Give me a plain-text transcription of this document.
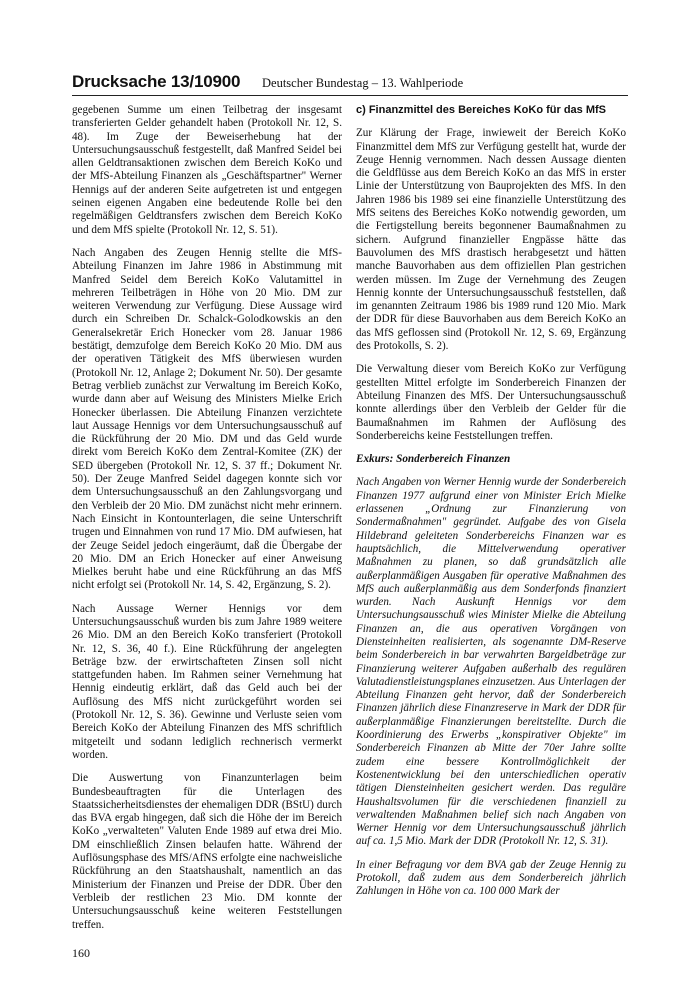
Drucksache 13/10900 Deutscher Bundestag – 13. Wahlperiode

gegebenen Summe um einen Teilbetrag der insgesamt transferierten Gelder gehandelt haben (Protokoll Nr. 12, S. 48). Im Zuge der Beweiserhebung hat der Untersuchungsausschuß festgestellt, daß Manfred Seidel bei allen Geldtransaktionen zwischen dem Bereich KoKo und der MfS-Abteilung Finanzen als „Geschäftspartner" Werner Hennigs auf der anderen Seite aufgetreten ist und entgegen seinen eigenen Angaben eine bedeutende Rolle bei den regelmäßigen Geldtransfers zwischen dem Bereich KoKo und dem MfS spielte (Protokoll Nr. 12, S. 51).

Nach Angaben des Zeugen Hennig stellte die MfS-Abteilung Finanzen im Jahre 1986 in Abstimmung mit Manfred Seidel dem Bereich KoKo Valutamittel in mehreren Teilbeträgen in Höhe von 20 Mio. DM zur weiteren Verwendung zur Verfügung. Diese Aussage wird durch ein Schreiben Dr. Schalck-Golodkowskis an den Generalsekretär Erich Honecker vom 28. Januar 1986 bestätigt, demzufolge dem Bereich KoKo 20 Mio. DM aus der operativen Tätigkeit des MfS überwiesen wurden (Protokoll Nr. 12, Anlage 2; Dokument Nr. 50). Der gesamte Betrag verblieb zunächst zur Verwaltung im Bereich KoKo, wurde dann aber auf Weisung des Ministers Mielke Erich Honecker überlassen. Die Abteilung Finanzen verzichtete laut Aussage Hennigs vor dem Untersuchungsausschuß auf die Rückführung der 20 Mio. DM und das Geld wurde direkt vom Bereich KoKo dem Zentral-Komitee (ZK) der SED übergeben (Protokoll Nr. 12, S. 37 ff.; Dokument Nr. 50). Der Zeuge Manfred Seidel dagegen konnte sich vor dem Untersuchungsausschuß an den Zahlungsvorgang und den Verbleib der 20 Mio. DM zunächst nicht mehr erinnern. Nach Einsicht in Kontounterlagen, die seine Unterschrift trugen und Einnahmen von rund 17 Mio. DM aufwiesen, hat der Zeuge Seidel jedoch eingeräumt, daß die Übergabe der 20 Mio. DM an Erich Honecker auf einer Anweisung Mielkes beruht habe und eine Rückführung an das MfS nicht erfolgt sei (Protokoll Nr. 14, S. 42, Ergänzung, S. 2).

Nach Aussage Werner Hennigs vor dem Untersuchungsausschuß wurden bis zum Jahre 1989 weitere 26 Mio. DM an den Bereich KoKo transferiert (Protokoll Nr. 12, S. 36, 40 f.). Eine Rückführung der angelegten Beträge bzw. der erwirtschafteten Zinsen soll nicht stattgefunden haben. Im Rahmen seiner Vernehmung hat Hennig eindeutig erklärt, daß das Geld auch bei der Auflösung des MfS nicht zurückgeführt worden sei (Protokoll Nr. 12, S. 36). Gewinne und Verluste seien vom Bereich KoKo der Abteilung Finanzen des MfS schriftlich mitgeteilt und sodann lediglich rechnerisch vermerkt worden.

Die Auswertung von Finanzunterlagen beim Bundesbeauftragten für die Unterlagen des Staatssicherheitsdienstes der ehemaligen DDR (BStU) durch das BVA ergab hingegen, daß sich die Höhe der im Bereich KoKo „verwalteten" Valuten Ende 1989 auf etwa drei Mio. DM einschließlich Zinsen belaufen hatte. Während der Auflösungsphase des MfS/AfNS erfolgte eine nachweisliche Rückführung an den Staatshaushalt, namentlich an das Ministerium der Finanzen und Preise der DDR. Über den Verbleib der restlichen 23 Mio. DM konnte der Untersuchungsausschuß keine weiteren Feststellungen treffen.

c) Finanzmittel des Bereiches KoKo für das MfS

Zur Klärung der Frage, inwieweit der Bereich KoKo Finanzmittel dem MfS zur Verfügung gestellt hat, wurde der Zeuge Hennig vernommen. Nach dessen Aussage dienten die Geldflüsse aus dem Bereich KoKo an das MfS in erster Linie der Unterstützung von Bauprojekten des MfS. In den Jahren 1986 bis 1989 sei eine finanzielle Unterstützung des MfS seitens des Bereiches KoKo notwendig geworden, um die Fertigstellung bereits begonnener Baumaßnahmen zu sichern. Aufgrund finanzieller Engpässe hätte das Bauvolumen des MfS drastisch herabgesetzt und hätten manche Bauvorhaben aus dem offiziellen Plan gestrichen werden müssen. Im Zuge der Vernehmung des Zeugen Hennig konnte der Untersuchungsausschuß feststellen, daß im genannten Zeitraum 1986 bis 1989 rund 120 Mio. Mark der DDR für diese Bauvorhaben aus dem Bereich KoKo an das MfS geflossen sind (Protokoll Nr. 12, S. 69, Ergänzung des Protokolls, S. 2).

Die Verwaltung dieser vom Bereich KoKo zur Verfügung gestellten Mittel erfolgte im Sonderbereich Finanzen der Abteilung Finanzen des MfS. Der Untersuchungsausschuß konnte allerdings über den Verbleib der Gelder für die Baumaßnahmen im Rahmen der Auflösung des Sonderbereichs keine Feststellungen treffen.

Exkurs: Sonderbereich Finanzen

Nach Angaben von Werner Hennig wurde der Sonderbereich Finanzen 1977 aufgrund einer von Minister Erich Mielke erlassenen „Ordnung zur Finanzierung von Sondermaßnahmen" gegründet. Aufgabe des von Gisela Hildebrand geleiteten Sonderbereichs Finanzen war es hauptsächlich, die Mittelverwendung operativer Maßnahmen zu planen, so daß grundsätzlich alle außerplanmäßigen Ausgaben für operative Maßnahmen des MfS auch außerplanmäßig aus dem Sonderfonds finanziert wurden. Nach Auskunft Hennigs vor dem Untersuchungsausschuß wies Minister Mielke die Abteilung Finanzen an, die aus operativen Vorgängen von Diensteinheiten realisierten, als sogenannte DM-Reserve beim Sonderbereich in bar verwahrten Bargeldbeträge zur Finanzierung weiterer Aufgaben außerhalb des regulären Valutadienstleistungsplanes einzusetzen. Aus Unterlagen der Abteilung Finanzen geht hervor, daß der Sonderbereich Finanzen jährlich diese Finanzreserve in Mark der DDR für außerplanmäßige Finanzierungen bereitstellte. Durch die Koordinierung des Erwerbs „konspirativer Objekte" im Sonderbereich Finanzen ab Mitte der 70er Jahre sollte zudem eine bessere Kontrollmöglichkeit der Kostenentwicklung bei den unterschiedlichen operativ tätigen Diensteinheiten gesichert werden. Das reguläre Haushaltsvolumen für die verschiedenen finanziell zu verwaltenden Maßnahmen belief sich nach Angaben von Werner Hennig vor dem Untersuchungsausschuß jährlich auf ca. 1,5 Mio. Mark der DDR (Protokoll Nr. 12, S. 31).

In einer Befragung vor dem BVA gab der Zeuge Hennig zu Protokoll, daß zudem aus dem Sonderbereich jährlich Zahlungen in Höhe von ca. 100 000 Mark der

160
